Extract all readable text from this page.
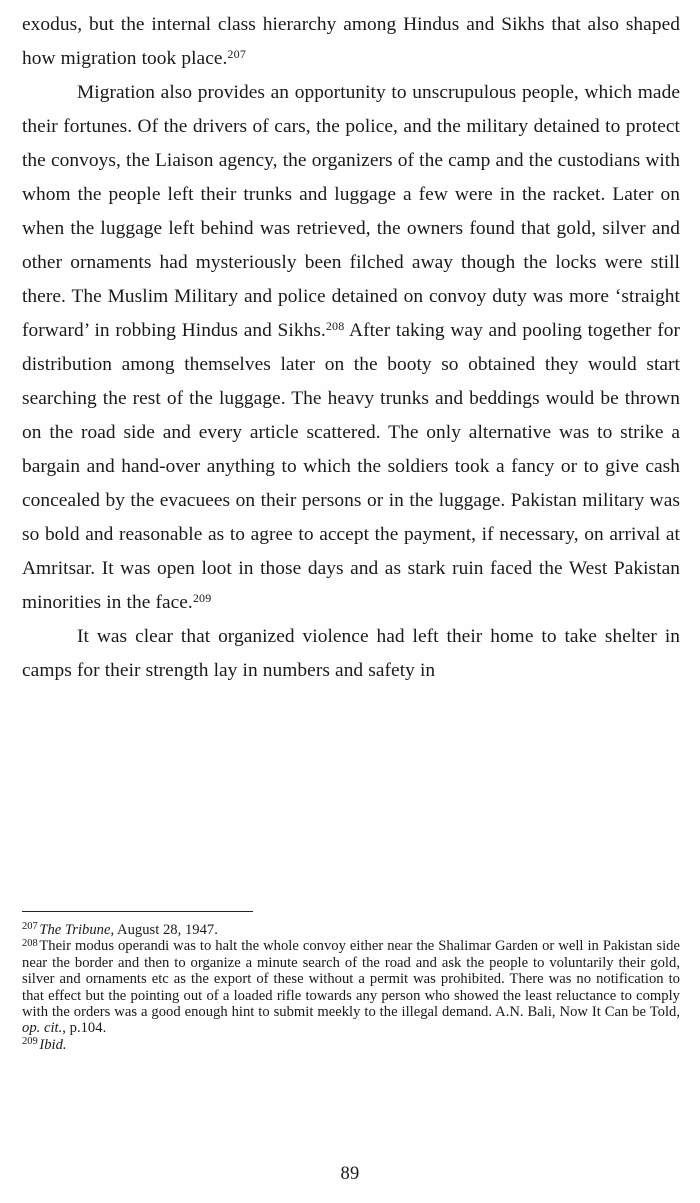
exodus, but the internal class hierarchy among Hindus and Sikhs that also shaped how migration took place.$^{207}$

Migration also provides an opportunity to unscrupulous people, which made their fortunes. Of the drivers of cars, the police, and the military detained to protect the convoys, the Liaison agency, the organizers of the camp and the custodians with whom the people left their trunks and luggage a few were in the racket. Later on when the luggage left behind was retrieved, the owners found that gold, silver and other ornaments had mysteriously been filched away though the locks were still there. The Muslim Military and police detained on convoy duty was more ‘straight forward’ in robbing Hindus and Sikhs.$^{208}$ After taking way and pooling together for distribution among themselves later on the booty so obtained they would start searching the rest of the luggage. The heavy trunks and beddings would be thrown on the road side and every article scattered. The only alternative was to strike a bargain and hand-over anything to which the soldiers took a fancy or to give cash concealed by the evacuees on their persons or in the luggage. Pakistan military was so bold and reasonable as to agree to accept the payment, if necessary, on arrival at Amritsar. It was open loot in those days and as stark ruin faced the West Pakistan minorities in the face.$^{209}$

It was clear that organized violence had left their home to take shelter in camps for their strength lay in numbers and safety in

$^{207}$ The Tribune, August 28, 1947.

$^{208}$ Their modus operandi was to halt the whole convoy either near the Shalimar Garden or well in Pakistan side near the border and then to organize a minute search of the road and ask the people to voluntarily their gold, silver and ornaments etc as the export of these without a permit was prohibited. There was no notification to that effect but the pointing out of a loaded rifle towards any person who showed the least reluctance to comply with the orders was a good enough hint to submit meekly to the illegal demand. A.N. Bali, Now It Can be Told, op. cit., p.104.

$^{209}$ Ibid.

89
